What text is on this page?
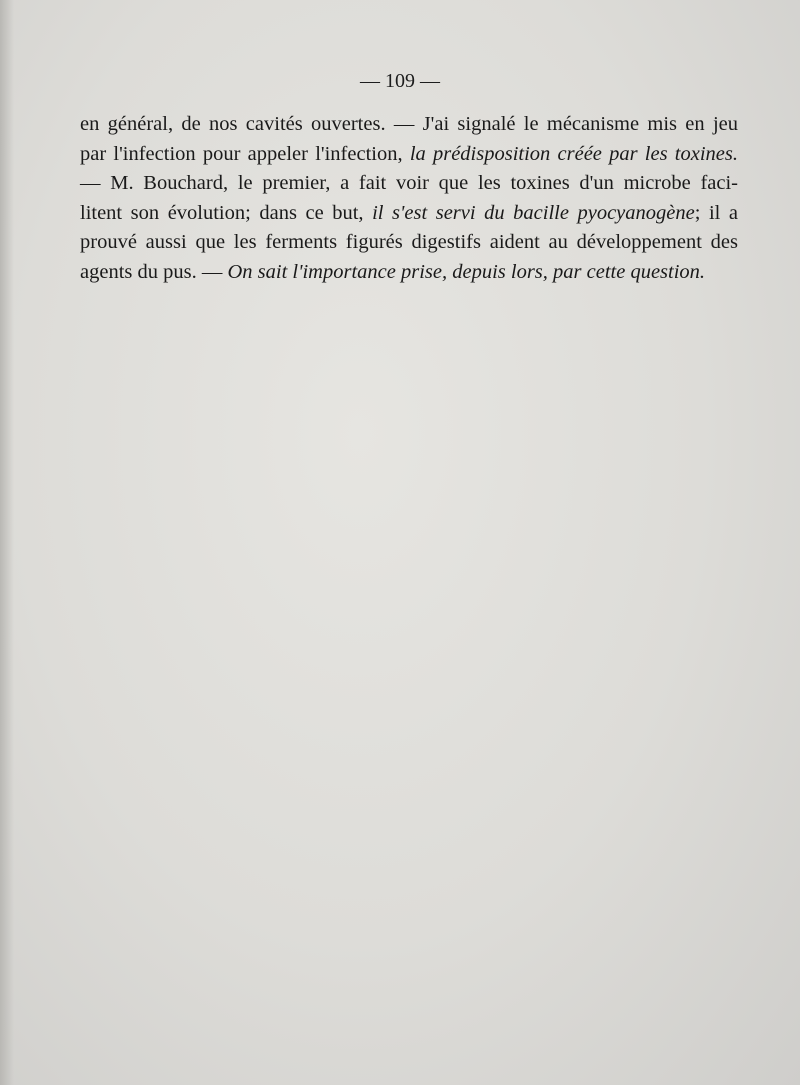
— 109 —
en général, de nos cavités ouvertes. — J'ai signalé le mécanisme mis en jeu
par l'infection pour appeler l'infection, la prédisposition créée par les toxines.
— M. Bouchard, le premier, a fait voir que les toxines d'un microbe faci-
litent son évolution; dans ce but, il s'est servi du bacille pyocyanogène; il a
prouvé aussi que les ferments figurés digestifs aident au développement des
agents du pus. — On sait l'importance prise, depuis lors, par cette question.
